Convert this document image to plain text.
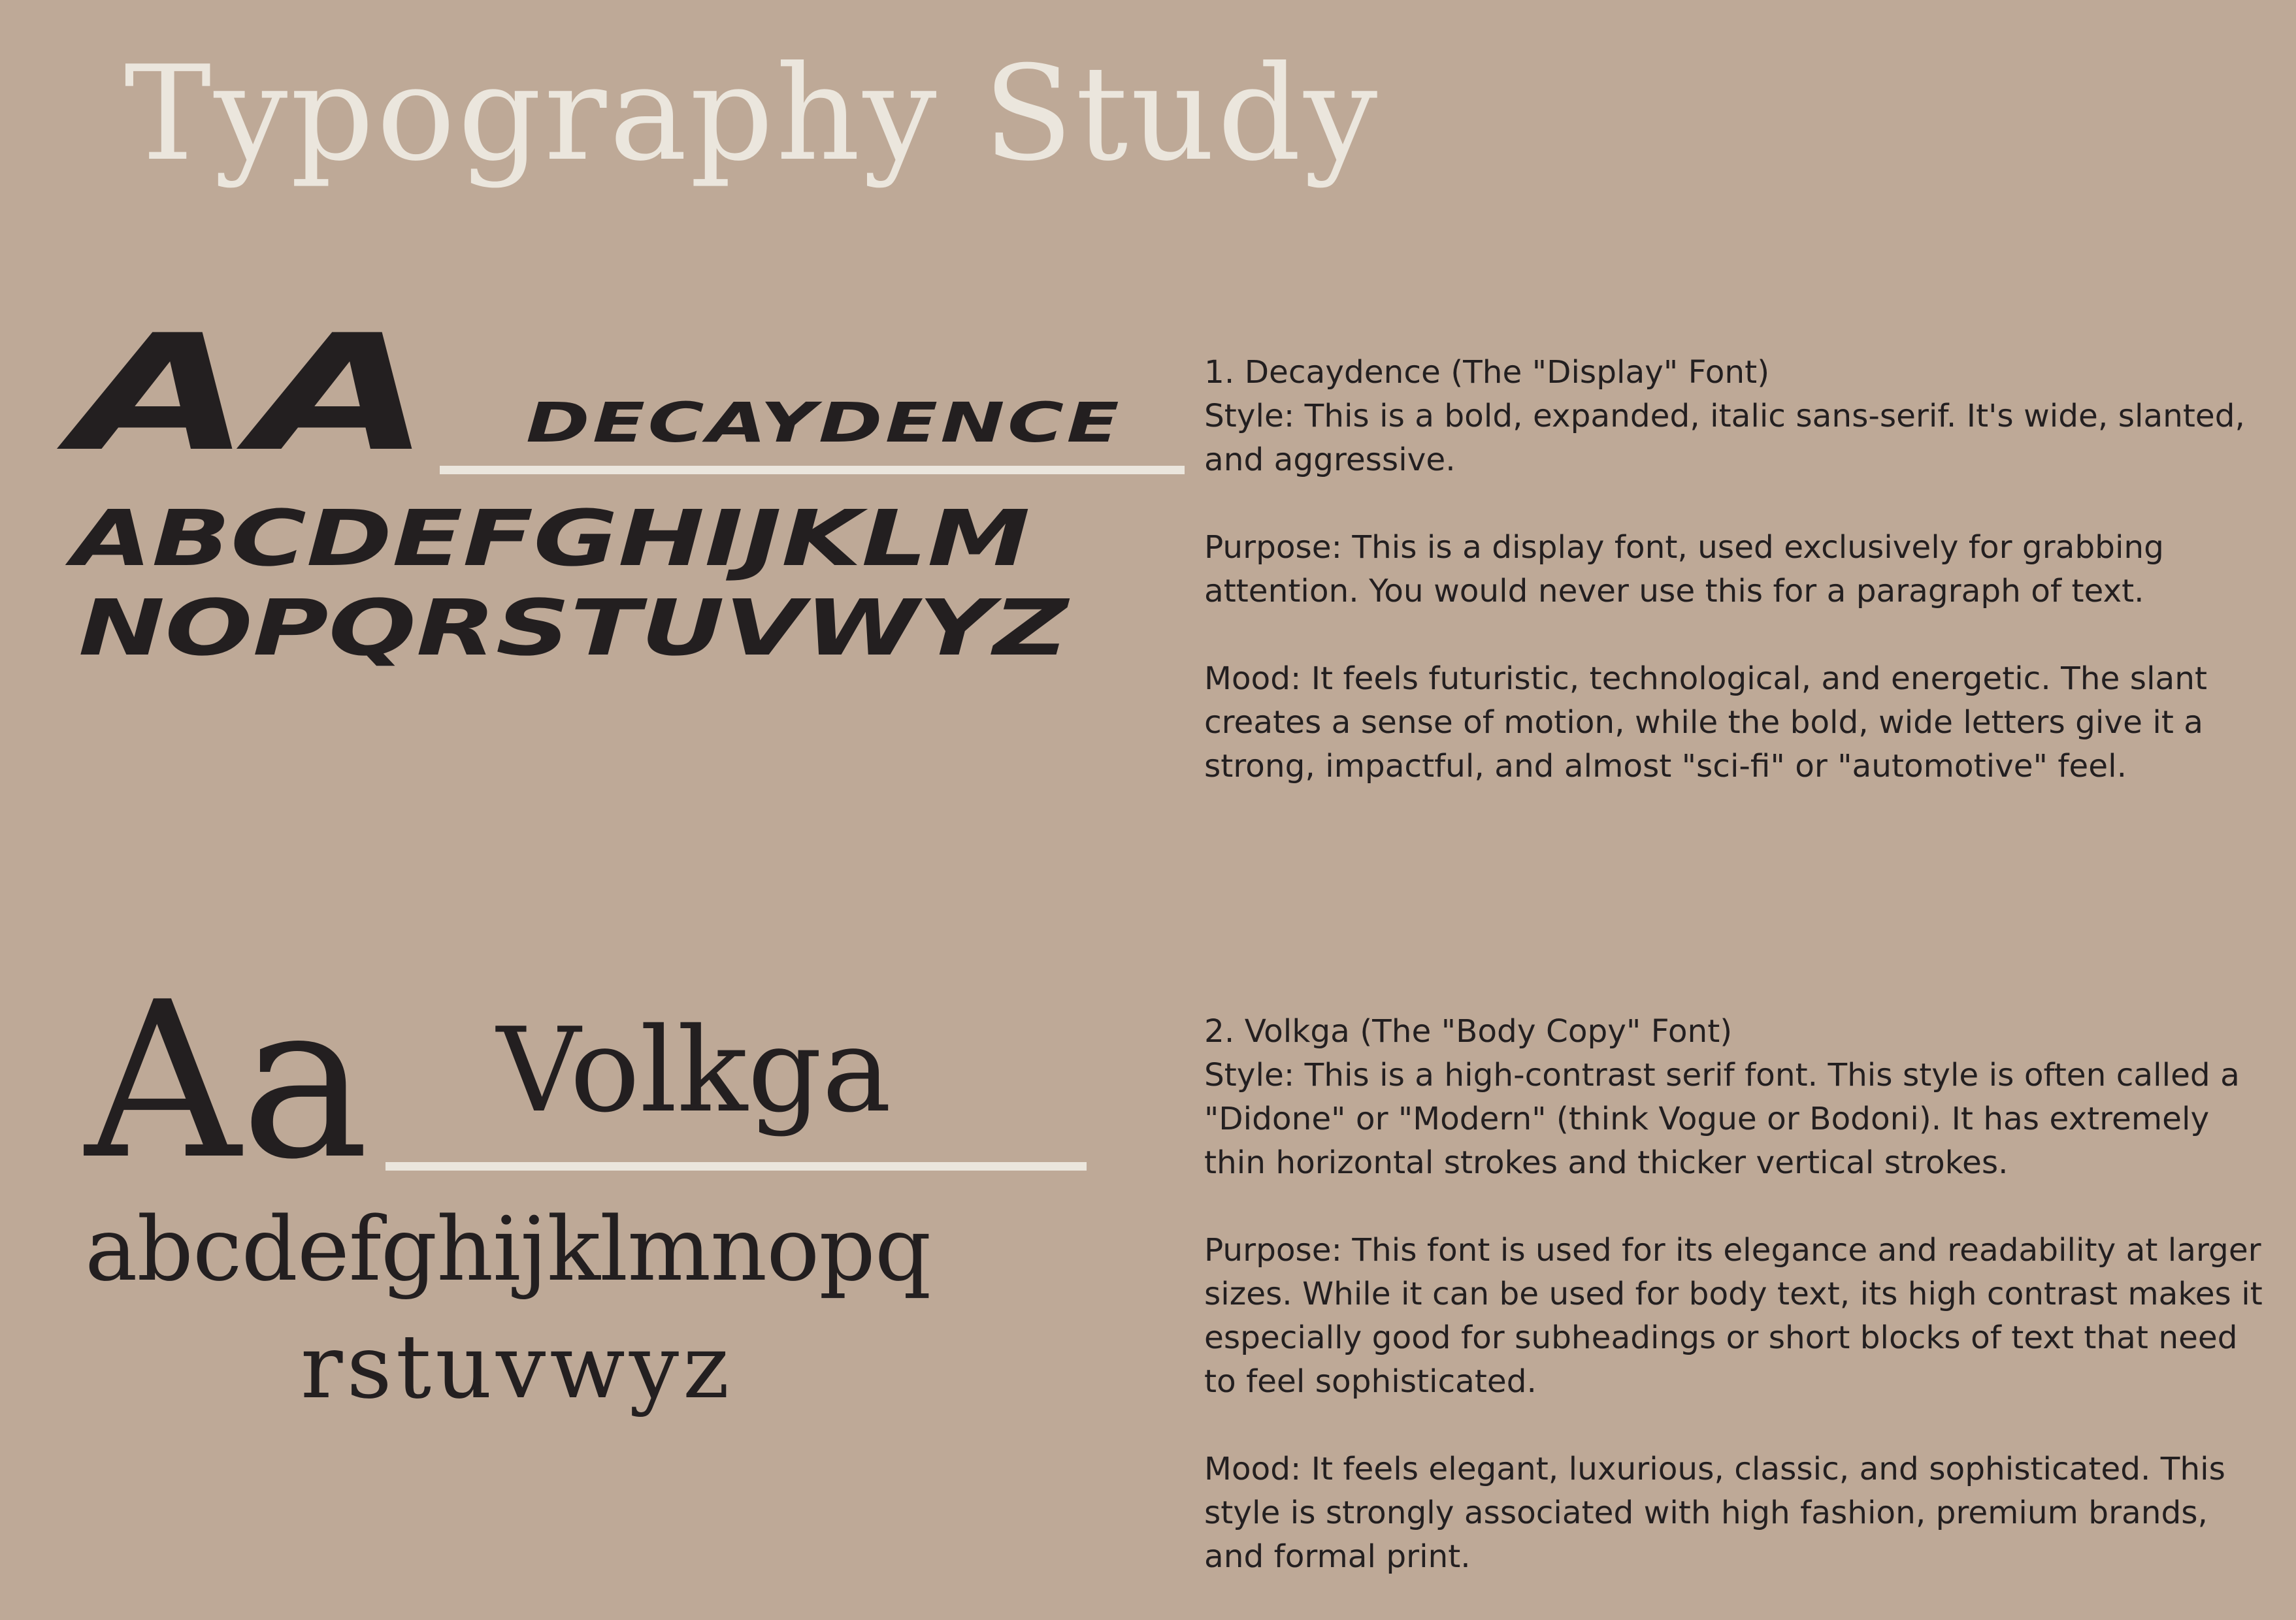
Typography Study
AA DECAYDENCE
ABCDEFGHIJKLM
NOPQRSTUVWYZ

1. Decaydence (The "Display" Font)
Style: This is a bold, expanded, italic sans-serif. It's wide, slanted, and aggressive.

Purpose: This is a display font, used exclusively for grabbing attention. You would never use this for a paragraph of text.

Mood: It feels futuristic, technological, and energetic. The slant creates a sense of motion, while the bold, wide letters give it a strong, impactful, and almost "sci-fi" or "automotive" feel.

Aa Volkga
abcdefghijklmnopq
rstuvwyz

2. Volkga (The "Body Copy" Font)
Style: This is a high-contrast serif font. This style is often called a "Didone" or "Modern" (think Vogue or Bodoni). It has extremely thin horizontal strokes and thicker vertical strokes.

Purpose: This font is used for its elegance and readability at larger sizes. While it can be used for body text, its high contrast makes it especially good for subheadings or short blocks of text that need to feel sophisticated.

Mood: It feels elegant, luxurious, classic, and sophisticated. This style is strongly associated with high fashion, premium brands, and formal print.
